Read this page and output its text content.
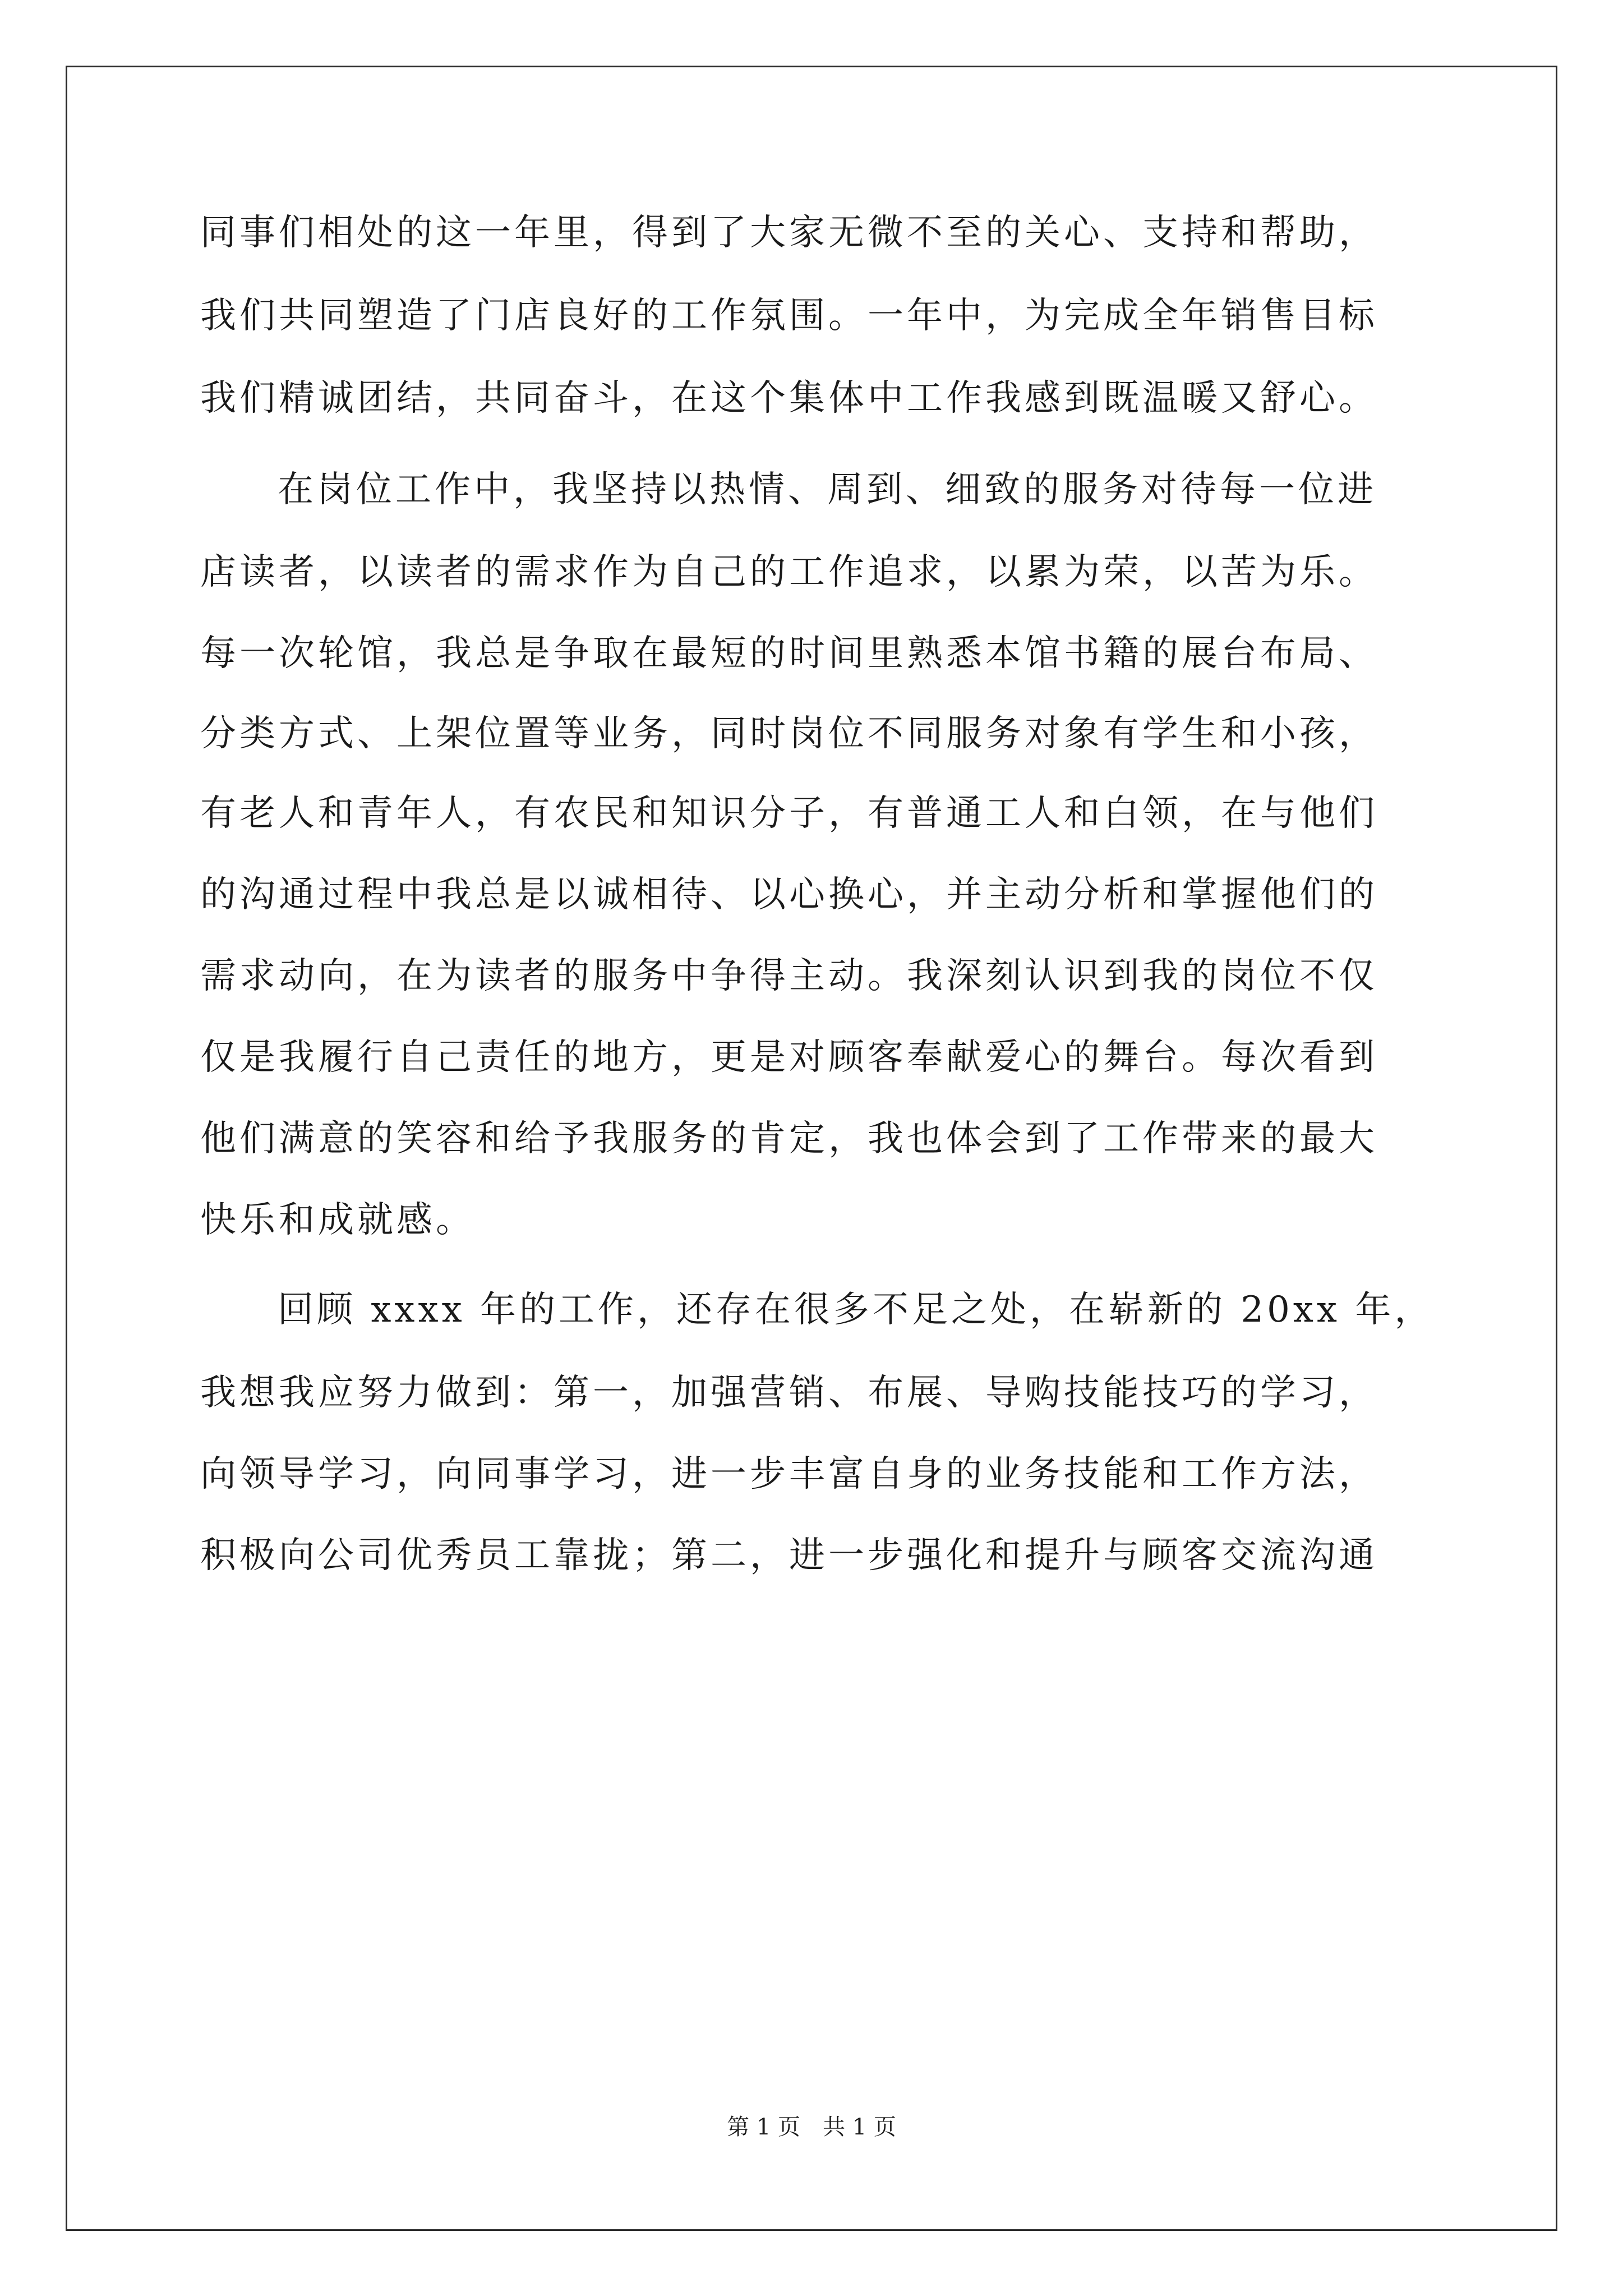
同事们相处的这一年里，得到了大家无微不至的关心、支持和帮助，
我们共同塑造了门店良好的工作氛围。一年中，为完成全年销售目标
我们精诚团结，共同奋斗，在这个集体中工作我感到既温暖又舒心。
在岗位工作中，我坚持以热情、周到、细致的服务对待每一位进
店读者，以读者的需求作为自己的工作追求，以累为荣，以苦为乐。
每一次轮馆，我总是争取在最短的时间里熟悉本馆书籍的展台布局、
分类方式、上架位置等业务，同时岗位不同服务对象有学生和小孩，
有老人和青年人，有农民和知识分子，有普通工人和白领，在与他们
的沟通过程中我总是以诚相待、以心换心，并主动分析和掌握他们的
需求动向，在为读者的服务中争得主动。我深刻认识到我的岗位不仅
仅是我履行自己责任的地方，更是对顾客奉献爱心的舞台。每次看到
他们满意的笑容和给予我服务的肯定，我也体会到了工作带来的最大
快乐和成就感。
回顾 xxxx 年的工作，还存在很多不足之处，在崭新的 20xx 年，
我想我应努力做到：第一，加强营销、布展、导购技能技巧的学习，
向领导学习，向同事学习，进一步丰富自身的业务技能和工作方法，
积极向公司优秀员工靠拢；第二，进一步强化和提升与顾客交流沟通
第 1 页　共 1 页
